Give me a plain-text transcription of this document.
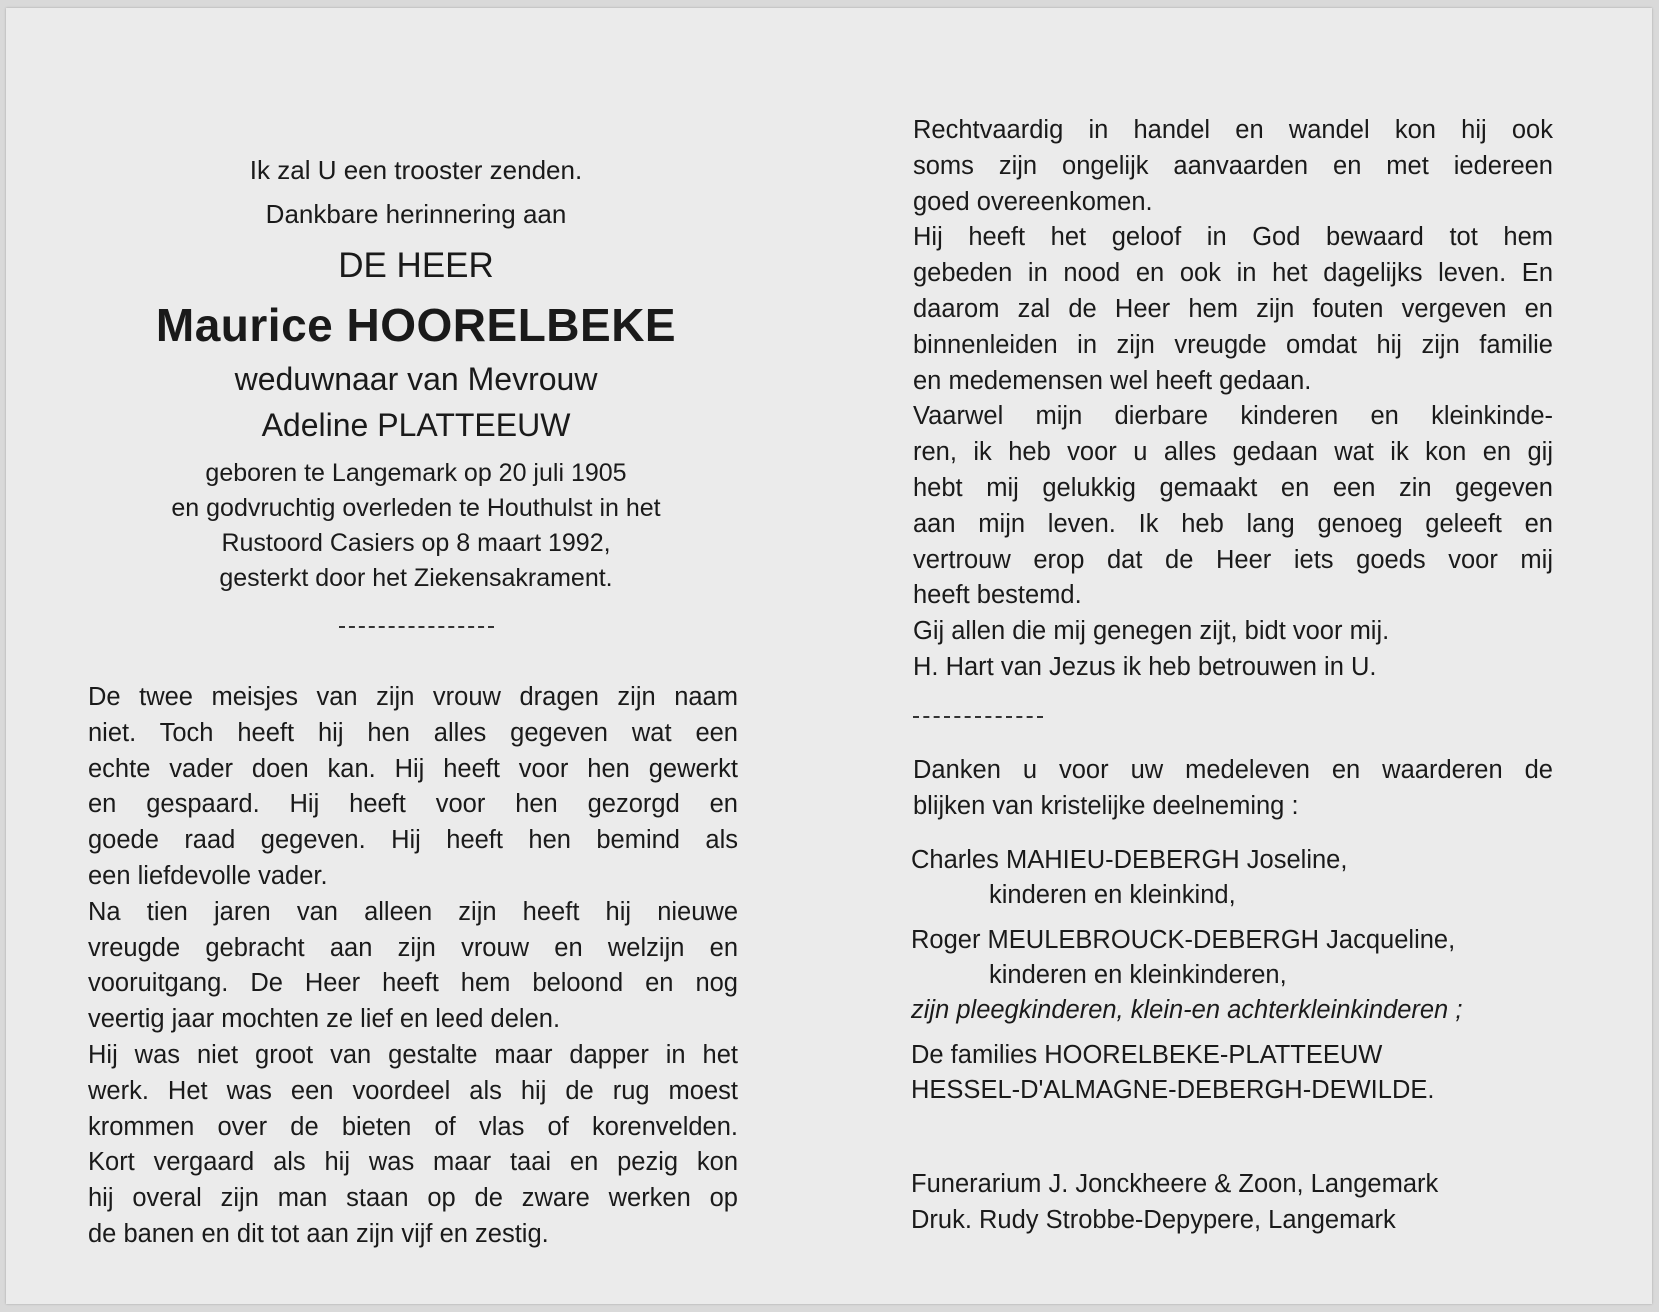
Ik zal U een trooster zenden.
Dankbare herinnering aan
DE HEER
Maurice HOORELBEKE
weduwnaar van Mevrouw
Adeline PLATTEEUW
geboren te Langemark op 20 juli 1905
en godvruchtig overleden te Houthulst in het
Rustoord Casiers op 8 maart 1992,
gesterkt door het Ziekensakrament.
De twee meisjes van zijn vrouw dragen zijn naam
niet. Toch heeft hij hen alles gegeven wat een
echte vader doen kan. Hij heeft voor hen gewerkt
en gespaard. Hij heeft voor hen gezorgd en
goede raad gegeven. Hij heeft hen bemind als
een liefdevolle vader.
Na tien jaren van alleen zijn heeft hij nieuwe
vreugde gebracht aan zijn vrouw en welzijn en
vooruitgang. De Heer heeft hem beloond en nog
veertig jaar mochten ze lief en leed delen.
Hij was niet groot van gestalte maar dapper in het
werk. Het was een voordeel als hij de rug moest
krommen over de bieten of vlas of korenvelden.
Kort vergaard als hij was maar taai en pezig kon
hij overal zijn man staan op de zware werken op
de banen en dit tot aan zijn vijf en zestig.
Rechtvaardig in handel en wandel kon hij ook
soms zijn ongelijk aanvaarden en met iedereen
goed overeenkomen.
Hij heeft het geloof in God bewaard tot hem
gebeden in nood en ook in het dagelijks leven. En
daarom zal de Heer hem zijn fouten vergeven en
binnenleiden in zijn vreugde omdat hij zijn familie
en medemensen wel heeft gedaan.
Vaarwel mijn dierbare kinderen en kleinkinde-
ren, ik heb voor u alles gedaan wat ik kon en gij
hebt mij gelukkig gemaakt en een zin gegeven
aan mijn leven. Ik heb lang genoeg geleeft en
vertrouw erop dat de Heer iets goeds voor mij
heeft bestemd.
Gij allen die mij genegen zijt, bidt voor mij.
H. Hart van Jezus ik heb betrouwen in U.
Danken u voor uw medeleven en waarderen de
blijken van kristelijke deelneming :
Charles MAHIEU-DEBERGH Joseline,
kinderen en kleinkind,
Roger MEULEBROUCK-DEBERGH Jacqueline,
kinderen en kleinkinderen,
zijn pleegkinderen, klein-en achterkleinkinderen ;
De families HOORELBEKE-PLATTEEUW
HESSEL-D'ALMAGNE-DEBERGH-DEWILDE.
Funerarium J. Jonckheere & Zoon, Langemark
Druk. Rudy Strobbe-Depypere, Langemark
